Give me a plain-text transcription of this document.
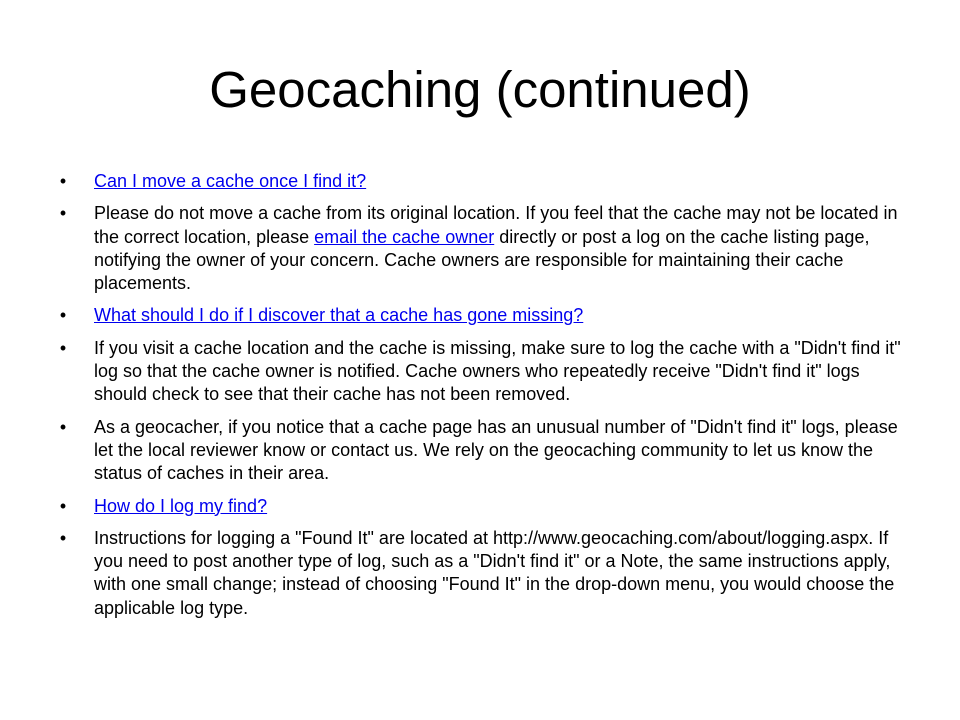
Geocaching (continued)
• Can I move a cache once I find it?
• Please do not move a cache from its original location. If you feel that the cache may not be located in the correct location, please email the cache owner directly or post a log on the cache listing page, notifying the owner of your concern. Cache owners are responsible for maintaining their cache placements.
• What should I do if I discover that a cache has gone missing?
• If you visit a cache location and the cache is missing, make sure to log the cache with a "Didn't find it" log so that the cache owner is notified. Cache owners who repeatedly receive "Didn't find it" logs should check to see that their cache has not been removed.
• As a geocacher, if you notice that a cache page has an unusual number of "Didn't find it" logs, please let the local reviewer know or contact us. We rely on the geocaching community to let us know the status of caches in their area.
• How do I log my find?
• Instructions for logging a "Found It" are located at http://www.geocaching.com/about/logging.aspx. If you need to post another type of log, such as a "Didn't find it" or a Note, the same instructions apply, with one small change; instead of choosing "Found It" in the drop-down menu, you would choose the applicable log type.
